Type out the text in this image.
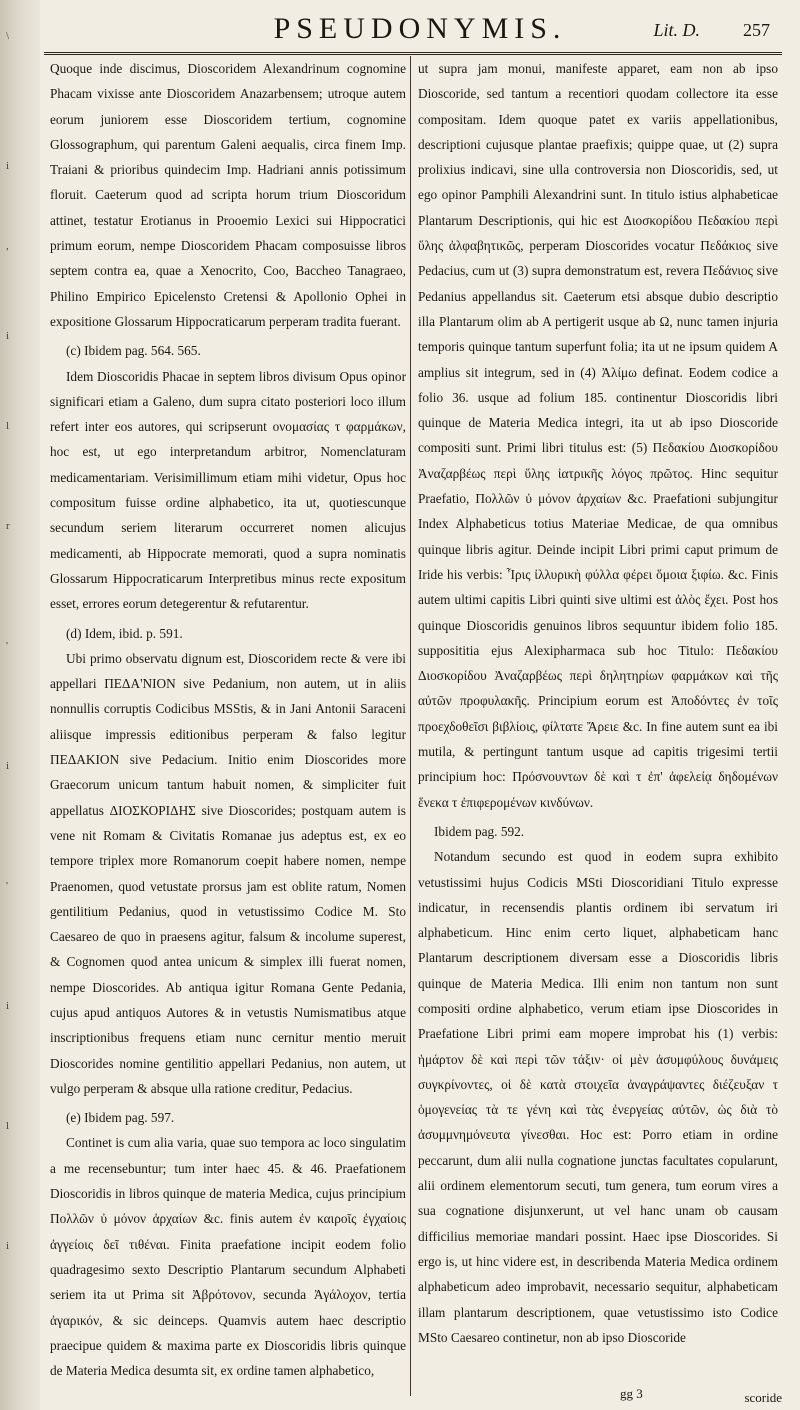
\
i
,
i
l
r
'
i
'
i
l
i
PSEUDONYMIS.	Lit. D. 257

Quoque inde discimus, Dioscoridem Alexandrinum cognomine Phacam vixisse ante Dioscoridem Anazarbensem; utroque autem eorum juniorem esse Dioscoridem tertium, cognomine Glossographum, qui parentum Galeni aequalis, circa finem Imp. Traiani & prioribus quindecim Imp. Hadriani annis potissimum floruit. Caeterum quod ad scripta horum trium Dioscoridum attinet, testatur Erotianus in Prooemio Lexici sui Hippocratici primum eorum, nempe Dioscoridem Phacam composuisse libros septem contra ea, quae a Xenocrito, Coo, Baccheo Tanagraeo, Philino Empirico Epicelensto Cretensi & Apollonio Ophei in expositione Glossarum Hippocraticarum perperam tradita fuerant.

(c) Ibidem pag. 564. 565.

Idem Dioscoridis Phacae in septem libros divisum Opus opinor significari etiam a Galeno, dum supra citato posteriori loco illum refert inter eos autores, qui scripserunt ονομασίας τ φαρμάκων, hoc est, ut ego interpretandum arbitror, Nomenclaturam medicamentariam. Verisimillimum etiam mihi videtur, Opus hoc compositum fuisse ordine alphabetico, ita ut, quotiescunque secundum seriem literarum occurreret nomen alicujus medicamenti, ab Hippocrate memorati, quod a supra nominatis Glossarum Hippocraticarum Interpretibus minus recte expositum esset, errores eorum detegerentur & refutarentur.

(d) Idem, ibid. p. 591.

Ubi primo observatu dignum est, Dioscoridem recte & vere ibi appellari ΠΕΔΑ'ΝΙΟΝ sive Pedanium, non autem, ut in aliis nonnullis corruptis Codicibus MSStis, & in Jani Antonii Saraceni aliisque impressis editionibus perperam & falso legitur ΠΕΔΑΚΙΟΝ sive Pedacium. Initio enim Dioscorides more Graecorum unicum tantum habuit nomen, & simpliciter fuit appellatus ΔΙΟΣΚΟΡΙΔΗΣ sive Dioscorides; postquam autem is vene nit Romam & Civitatis Romanae jus adeptus est, ex eo tempore triplex more Romanorum coepit habere nomen, nempe Praenomen, quod vetustate prorsus jam est oblite ratum, Nomen gentilitium Pedanius, quod in vetustissimo Codice M. Sto Caesareo de quo in praesens agitur, falsum & incolume superest, & Cognomen quod antea unicum & simplex illi fuerat nomen, nempe Dioscorides. Ab antiqua igitur Romana Gente Pedania, cujus apud antiquos Autores & in vetustis Numismatibus atque inscriptionibus frequens etiam nunc cernitur mentio meruit Dioscorides nomine gentilitio appellari Pedanius, non autem, ut vulgo perperam & absque ulla ratione creditur, Pedacius.

(e) Ibidem pag. 597.

Continet is cum alia varia, quae suo tempora ac loco singulatim a me recensebuntur; tum inter haec 45. & 46. Praefationem Dioscoridis in libros quinque de materia Medica, cujus principium Πολλῶν ὐ μόνον ἀρχαίων &c. finis autem ἐν καιροῖς ἐγχαίοις ἀγγείοις δεῖ τιθέναι. Finita praefatione incipit eodem folio quadragesimo sexto Descriptio Plantarum secundum Alphabeti seriem ita ut Prima sit Ἀβρότονον, secunda Ἀγάλοχον, tertia ἀγαρικόν, & sic deinceps. Quamvis autem haec descriptio praecipue quidem & maxima parte ex Dioscoridis libris quinque de Materia Medica desumta sit, ex ordine tamen alphabetico,

ut supra jam monui, manifeste apparet, eam non ab ipso Dioscoride, sed tantum a recentiori quodam collectore ita esse compositam. Idem quoque patet ex variis appellationibus, descriptioni cujusque plantae praefixis; quippe quae, ut (2) supra prolixius indicavi, sine ulla controversia non Dioscoridis, sed, ut ego opinor Pamphili Alexandrini sunt. In titulo istius alphabeticae Plantarum Descriptionis, qui hic est Διοσκορίδου Πεδακίου περὶ ὕλης ἀλφαβητικῶς, perperam Dioscorides vocatur Πεδάκιος sive Pedacius, cum ut (3) supra demonstratum est, revera Πεδάνιος sive Pedanius appellandus sit. Caeterum etsi absque dubio descriptio illa Plantarum olim ab A pertigerit usque ab Ω, nunc tamen injuria temporis quinque tantum superfunt folia; ita ut ne ipsum quidem A amplius sit integrum, sed in (4) Ἀλίμω definat. Eodem codice a folio 36. usque ad folium 185. continentur Dioscoridis libri quinque de Materia Medica integri, ita ut ab ipso Dioscoride compositi sunt. Primi libri titulus est: (5) Πεδακίου Διοσκορίδου Ἀναζαρβέως περὶ ὕλης ἰατρικῆς λόγος πρῶτος. Hinc sequitur Praefatio, Πολλῶν ὐ μόνον ἀρχαίων &c. Praefationi subjungitur Index Alphabeticus totius Materiae Medicae, de qua omnibus quinque libris agitur. Deinde incipit Libri primi caput primum de Iride his verbis: Ἶρις ἰλλυρικὴ φύλλα φέρει ὅμοια ξιφίω. &c. Finis autem ultimi capitis Libri quinti sive ultimi est ἀλὸς ἔχει. Post hos quinque Dioscoridis genuinos libros sequuntur ibidem folio 185. supposititia ejus Alexipharmaca sub hoc Titulo: Πεδακίου Διοσκορίδου Ἀναζαρβέως περὶ δηλητηρίων φαρμάκων καὶ τῆς αὐτῶν προφυλακῆς. Principium eorum est Ἀποδόντες ἐν τοῖς προεχδοθεῖσι βιβλίοις, φίλτατε Ἄρειε &c. In fine autem sunt ea ibi mutila, & pertingunt tantum usque ad capitis trigesimi tertii principium hoc: Πρόσνουντων δὲ καὶ τ ἐπ' ἀφελείᾳ δηδομένων ἕνεκα τ ἐπιφερομένων κινδύνων.

Ibidem pag. 592.

Notandum secundo est quod in eodem supra exhibito vetustissimi hujus Codicis MSti Dioscoridiani Titulo expresse indicatur, in recensendis plantis ordinem ibi servatum iri alphabeticum. Hinc enim certo liquet, alphabeticam hanc Plantarum descriptionem diversam esse a Dioscoridis libris quinque de Materia Medica. Illi enim non tantum non sunt compositi ordine alphabetico, verum etiam ipse Dioscorides in Praefatione Libri primi eam mopere improbat his (1) verbis: ἡμάρτον δὲ καὶ περὶ τῶν τάξιν· οἱ μὲν ἀσυμφύλους δυνάμεις συγκρίνοντες, οἱ δὲ κατὰ στοιχεῖα ἀναγράψαντες διέζευξαν τ ὁμογενείας τὰ τε γένη καὶ τὰς ἐνεργείας αὐτῶν, ὡς διὰ τὸ ἀσυμμνημόνευτα γίνεσθαι. Hoc est: Porro etiam in ordine peccarunt, dum alii nulla cognatione junctas facultates copularunt, alii ordinem elementorum secuti, tum genera, tum eorum vires a sua cognatione disjunxerunt, ut vel hanc unam ob causam difficilius memoriae mandari possint. Haec ipse Dioscorides. Si ergo is, ut hinc videre est, in describenda Materia Medica ordinem alphabeticum adeo improbavit, necessario sequitur, alphabeticam illam plantarum descriptionem, quae vetustissimo isto Codice MSto Caesareo continetur, non ab ipso Dioscoride

gg 3	scoride
